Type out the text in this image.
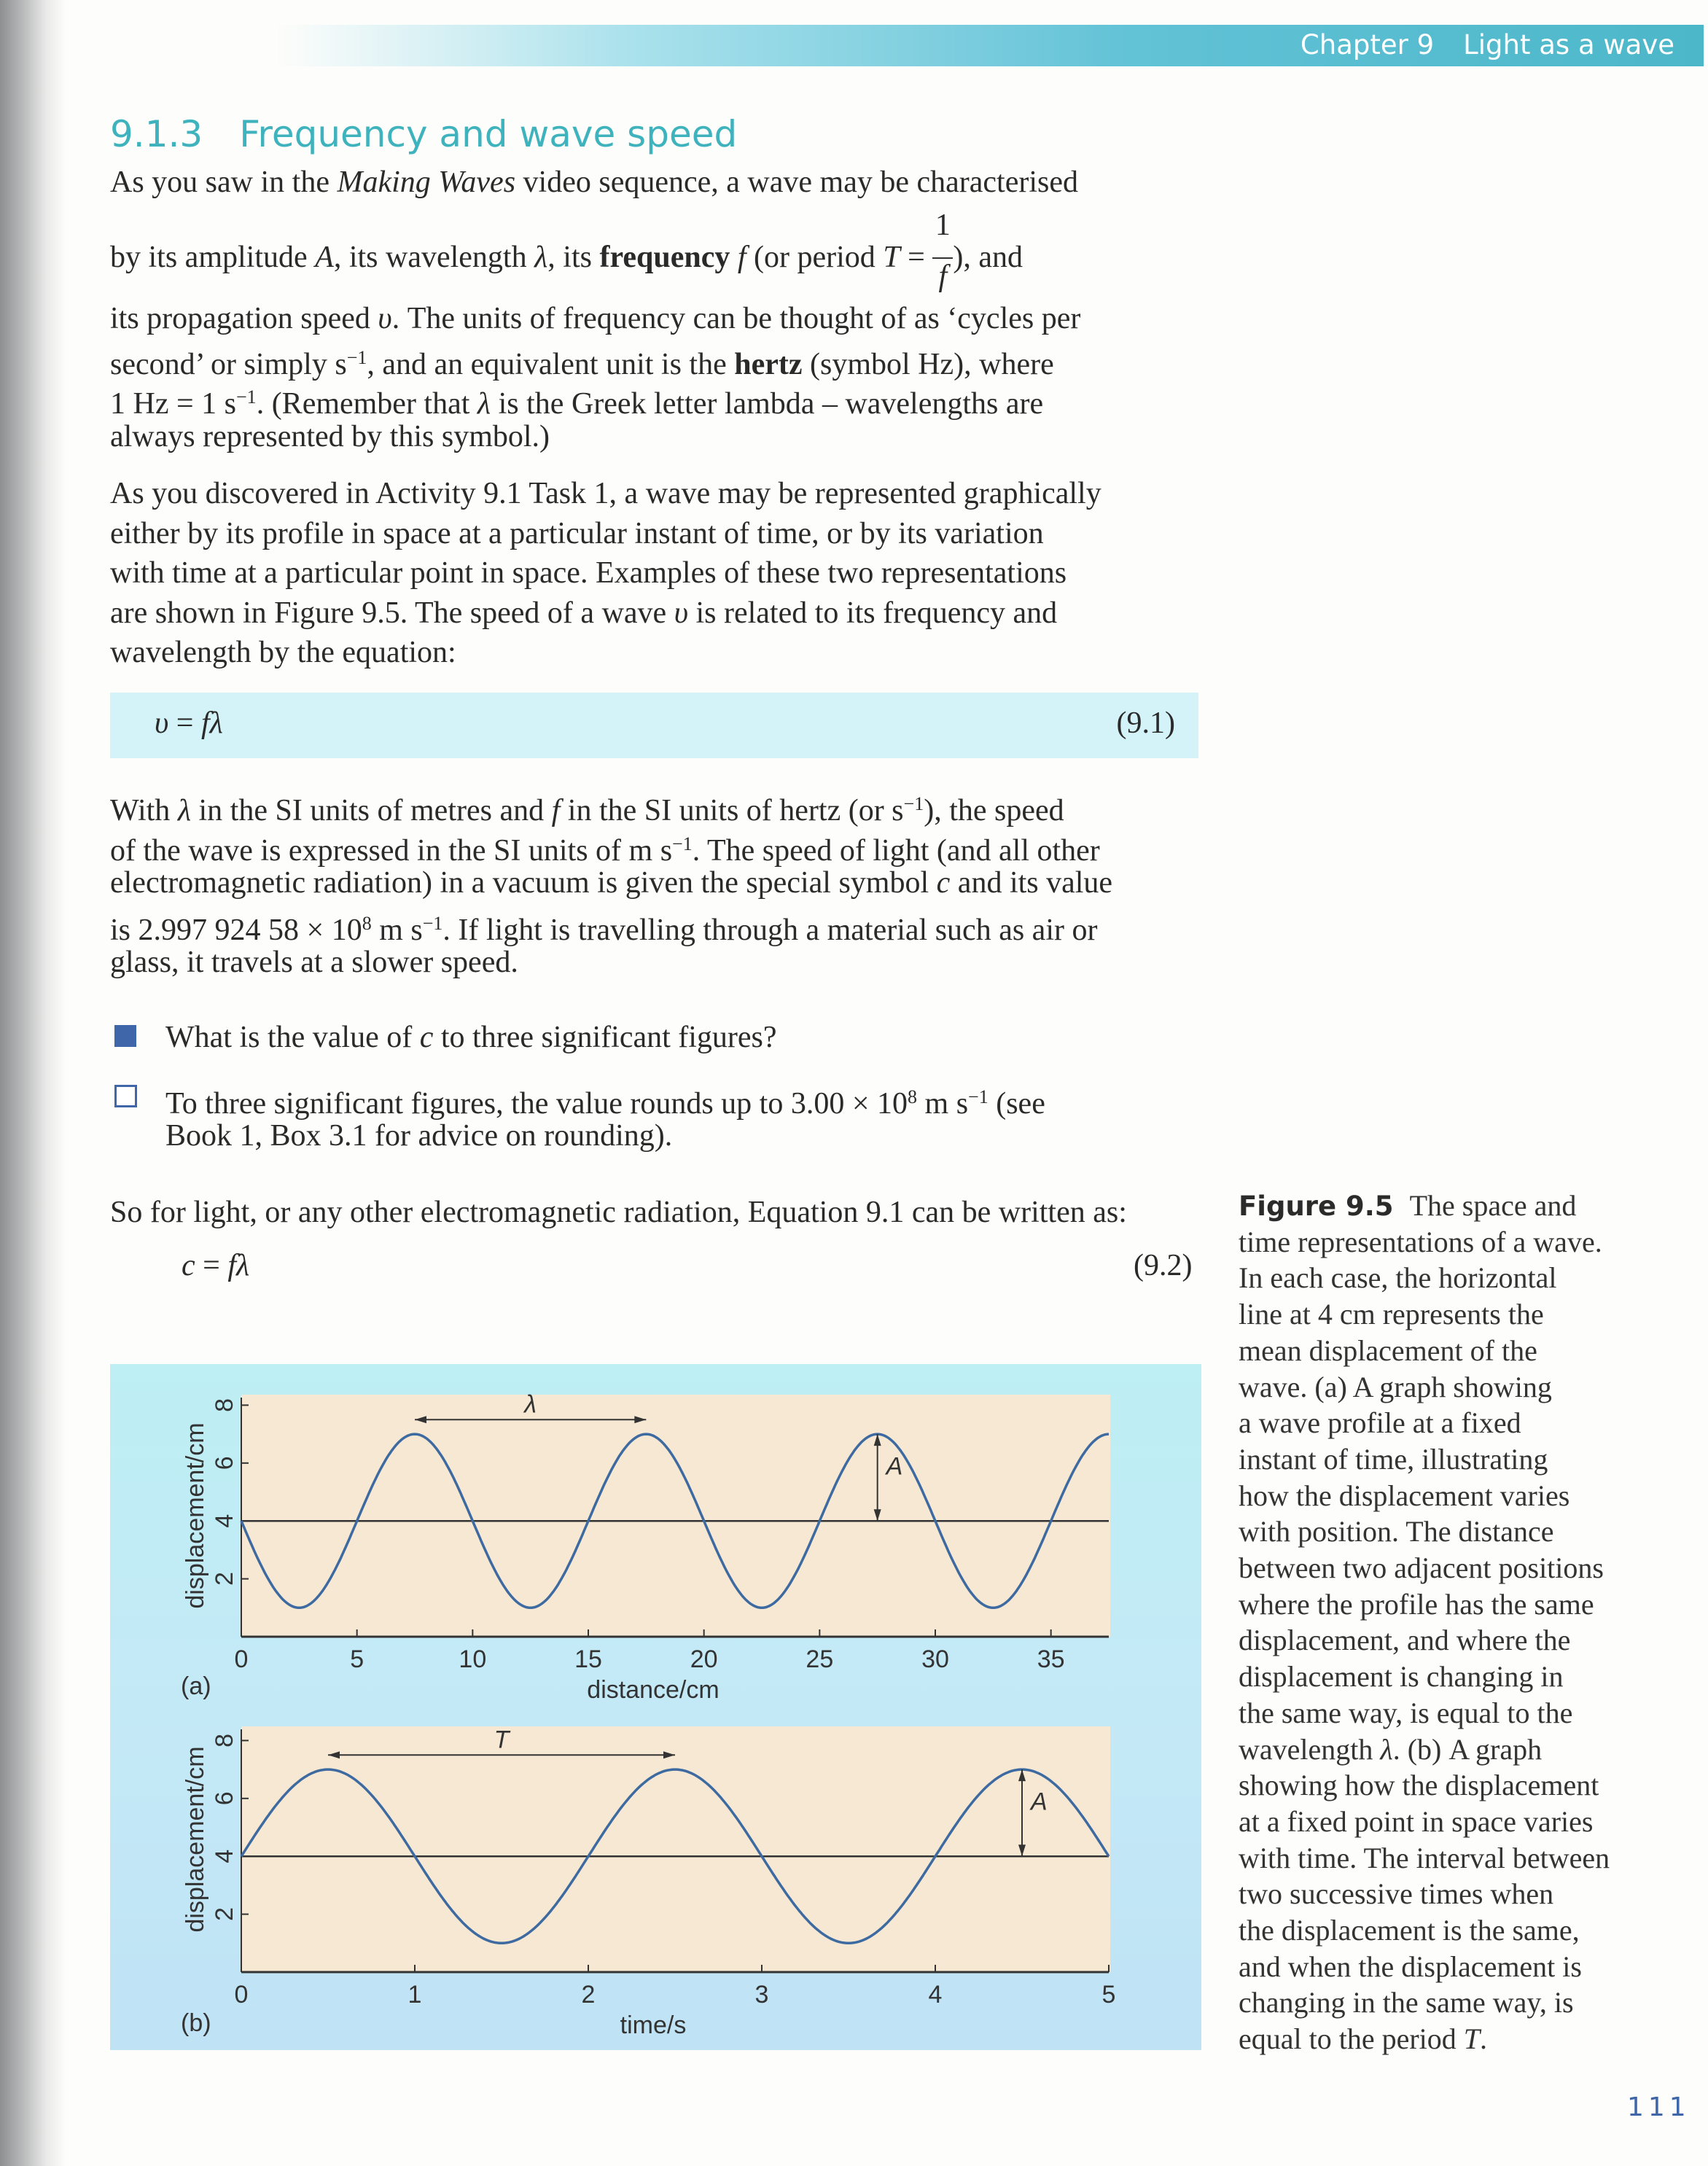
Chapter 9 Light as a wave
9.1.3 Frequency and wave speed
As you saw in the Making Waves video sequence, a wave may be characterised
by its amplitude A, its wavelength λ, its frequency f (or period $T = \frac{1}{f}$ ), and
its propagation speed υ. The units of frequency can be thought of as ‘cycles per
second’ or simply $s^{-1}$, and an equivalent unit is the hertz (symbol Hz), where
1 Hz = 1 $s^{-1}$. (Remember that λ is the Greek letter lambda – wavelengths are
always represented by this symbol.)
As you discovered in Activity 9.1 Task 1, a wave may be represented graphically
either by its profile in space at a particular instant of time, or by its variation
with time at a particular point in space. Examples of these two representations
are shown in Figure 9.5. The speed of a wave υ is related to its frequency and
wavelength by the equation:
υ = fλ	(9.1)
With λ in the SI units of metres and f in the SI units of hertz (or $s^{-1}$), the speed
of the wave is expressed in the SI units of m $s^{-1}$. The speed of light (and all other
electromagnetic radiation) in a vacuum is given the special symbol c and its value
is 2.997 924 $58 \times 10^8$ m $s^{-1}$. If light is travelling through a material such as air or
glass, it travels at a slower speed.
What is the value of c to three significant figures?
To three significant figures, the value rounds up to $3.00 \times 10^8$ m $s^{-1}$ (see
Book 1, Box 3.1 for advice on rounding).
So for light, or any other electromagnetic radiation, Equation 9.1 can be written as:
c = fλ	(9.2)
0	5	10	15	20	25	30	35
2
4
6
8	λ
A
distance/cm
displacement/cm
(a)
0	1	2	3	4	5
2
4
6
8	T
A
time/s
displacement/cm
(b)
Figure 9.5 The space and
time representations of a wave.
In each case, the horizontal
line at 4 cm represents the
mean displacement of the
wave. (a) A graph showing
a wave profile at a fixed
instant of time, illustrating
how the displacement varies
with position. The distance
between two adjacent positions
where the profile has the same
displacement, and where the
displacement is changing in
the same way, is equal to the
wavelength λ. (b) A graph
showing how the displacement
at a fixed point in space varies
with time. The interval between
two successive times when
the displacement is the same,
and when the displacement is
changing in the same way, is
equal to the period T.
111
